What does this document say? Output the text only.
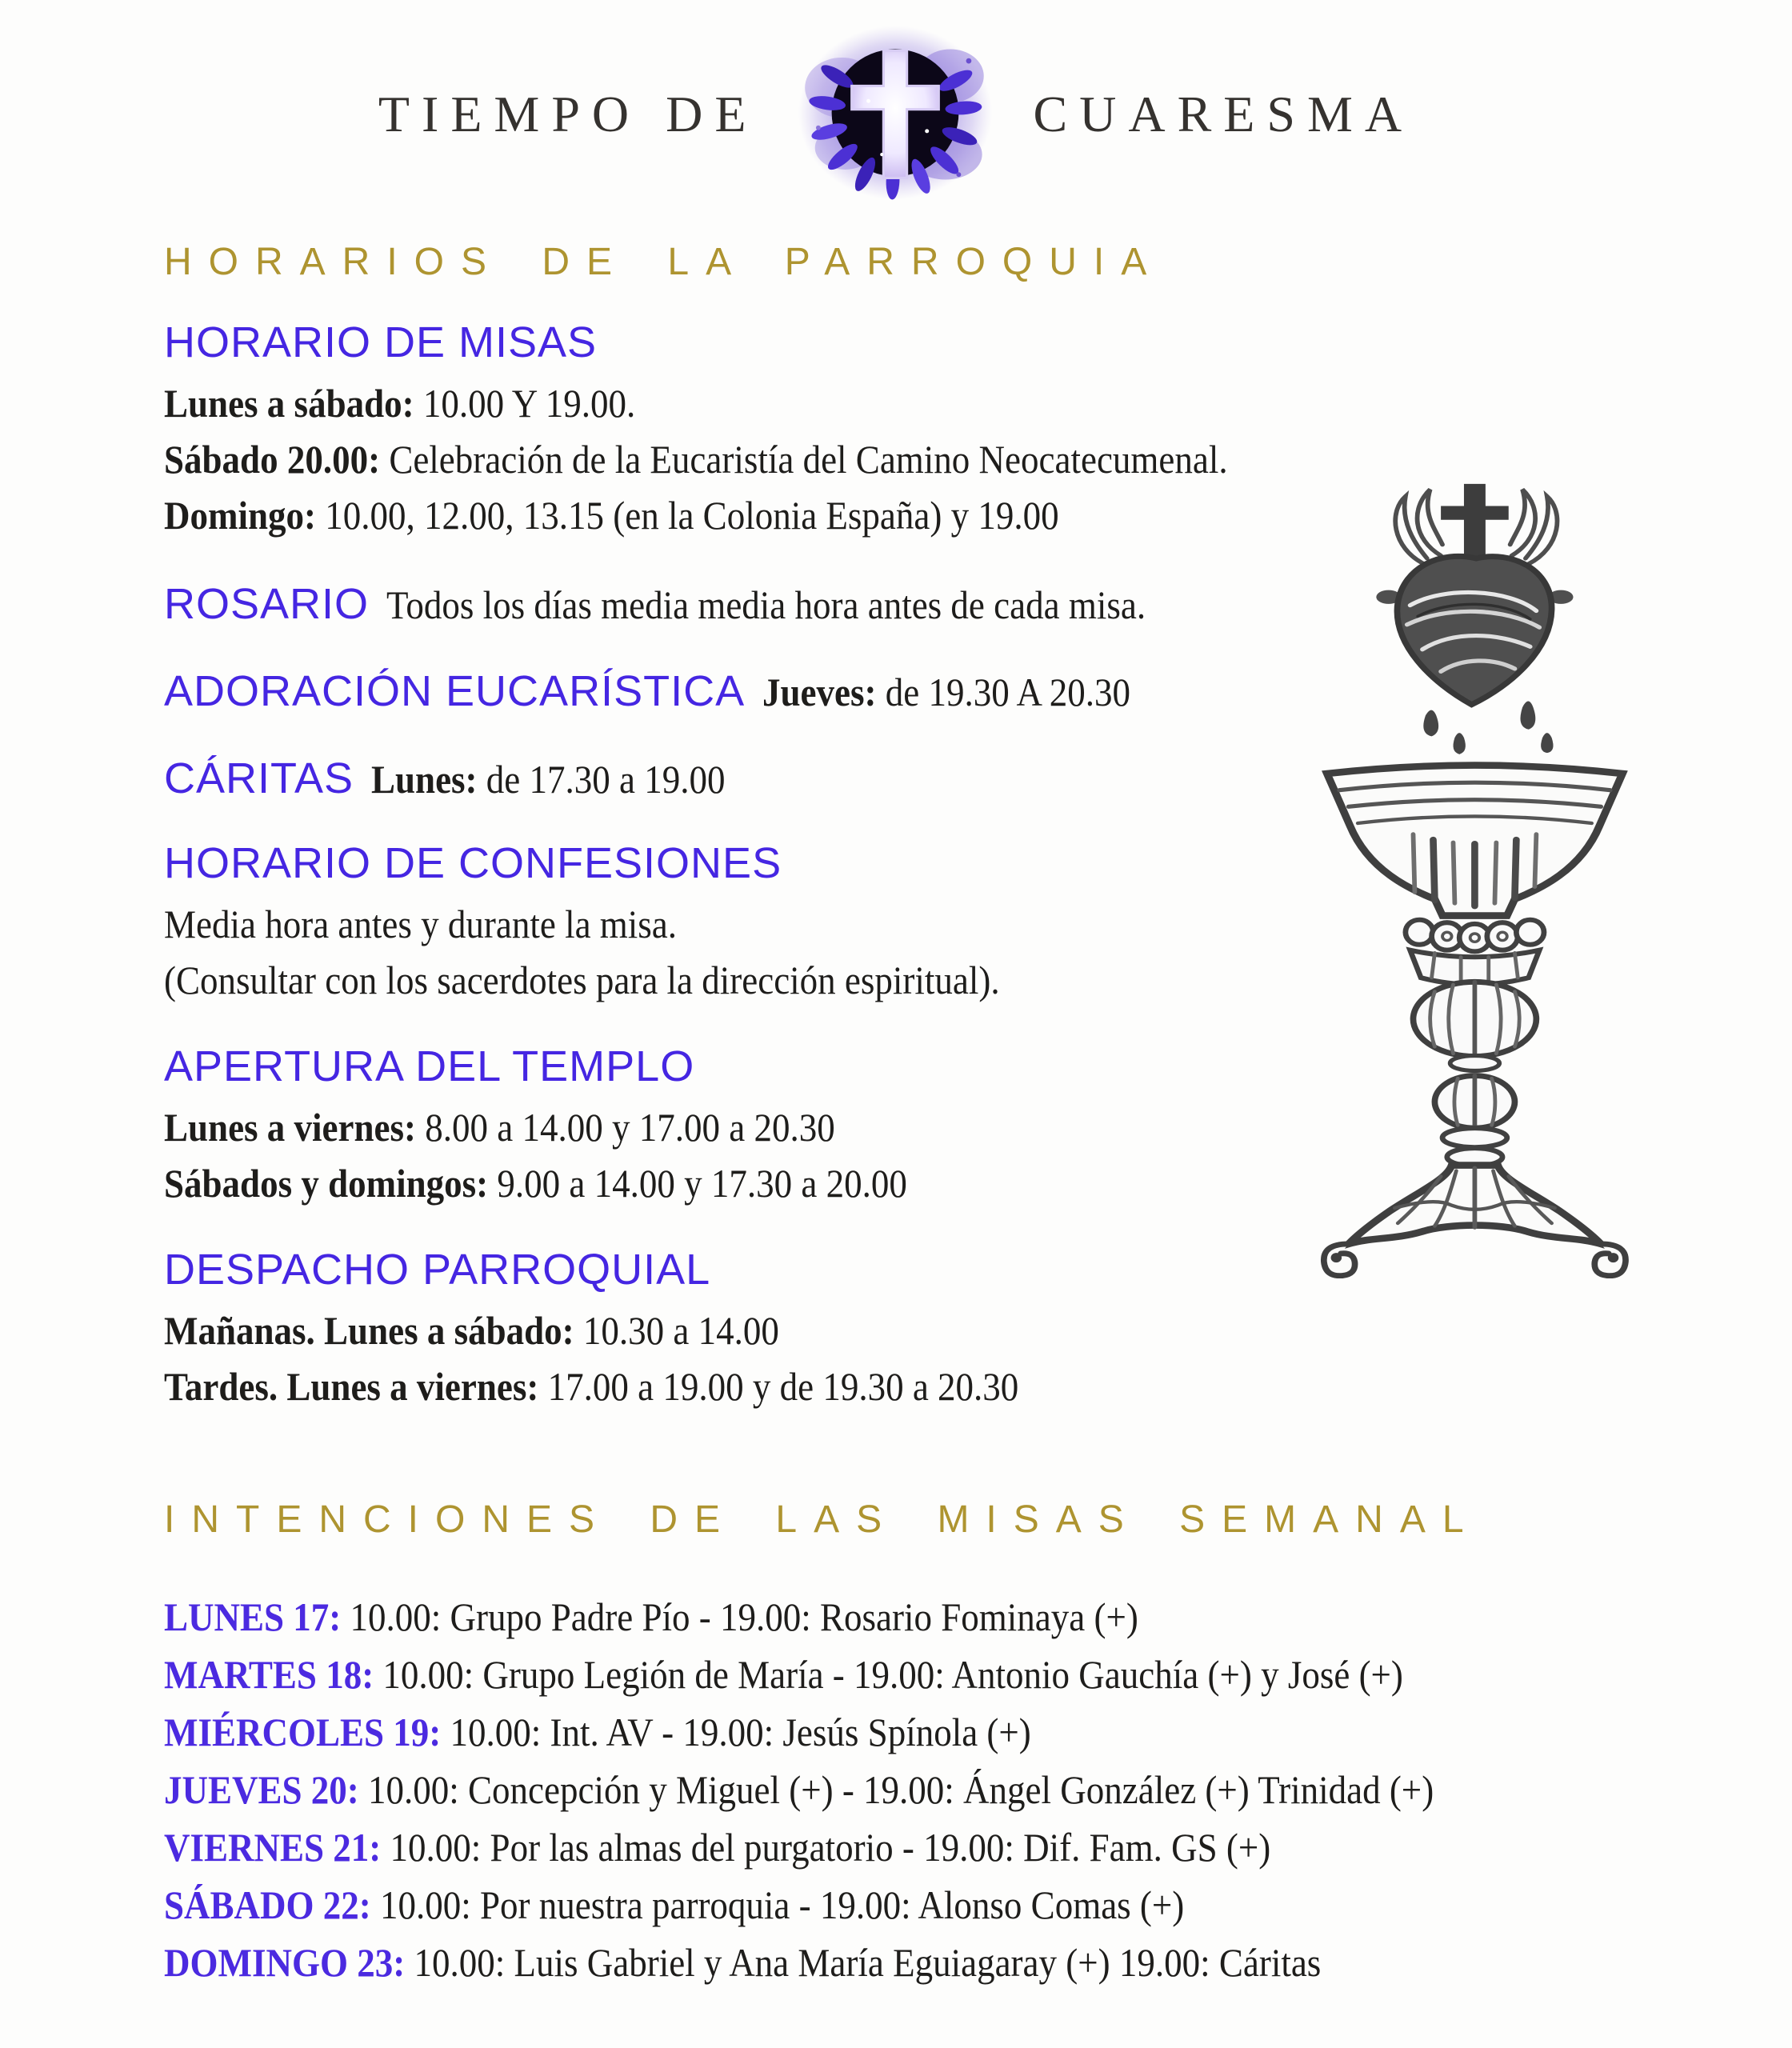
TIEMPO DE	CUARESMA
HORARIOS DE LA PARROQUIA
HORARIO DE MISAS

Lunes a sábado: 10.00 Y 19.00.

Sábado 20.00: Celebración de la Eucaristía del Camino Neocatecumenal.

Domingo: 10.00, 12.00, 13.15 (en la Colonia España) y 19.00

ROSARIO Todos los días media media hora antes de cada misa.

ADORACIÓN EUCARÍSTICA Jueves: de 19.30 A 20.30

CÁRITAS Lunes: de 17.30 a 19.00

HORARIO DE CONFESIONES

Media hora antes y durante la misa.

(Consultar con los sacerdotes para la dirección espiritual).

APERTURA DEL TEMPLO

Lunes a viernes: 8.00 a 14.00 y 17.00 a 20.30

Sábados y domingos: 9.00 a 14.00 y 17.30 a 20.00

DESPACHO PARROQUIAL

Mañanas. Lunes a sábado: 10.30 a 14.00

Tardes. Lunes a viernes: 17.00 a 19.00 y de 19.30 a 20.30

INTENCIONES DE LAS MISAS SEMANAL

LUNES 17: 10.00: Grupo Padre Pío - 19.00: Rosario Fominaya (+)

MARTES 18: 10.00: Grupo Legión de María - 19.00: Antonio Gauchía (+) y José (+)

MIÉRCOLES 19: 10.00: Int. AV - 19.00: Jesús Spínola (+)

JUEVES 20: 10.00: Concepción y Miguel (+) - 19.00: Ángel González (+) Trinidad (+)

VIERNES 21: 10.00: Por las almas del purgatorio - 19.00: Dif. Fam. GS (+)

SÁBADO 22: 10.00: Por nuestra parroquia - 19.00: Alonso Comas (+)

DOMINGO 23: 10.00: Luis Gabriel y Ana María Eguiagaray (+) 19.00: Cáritas
